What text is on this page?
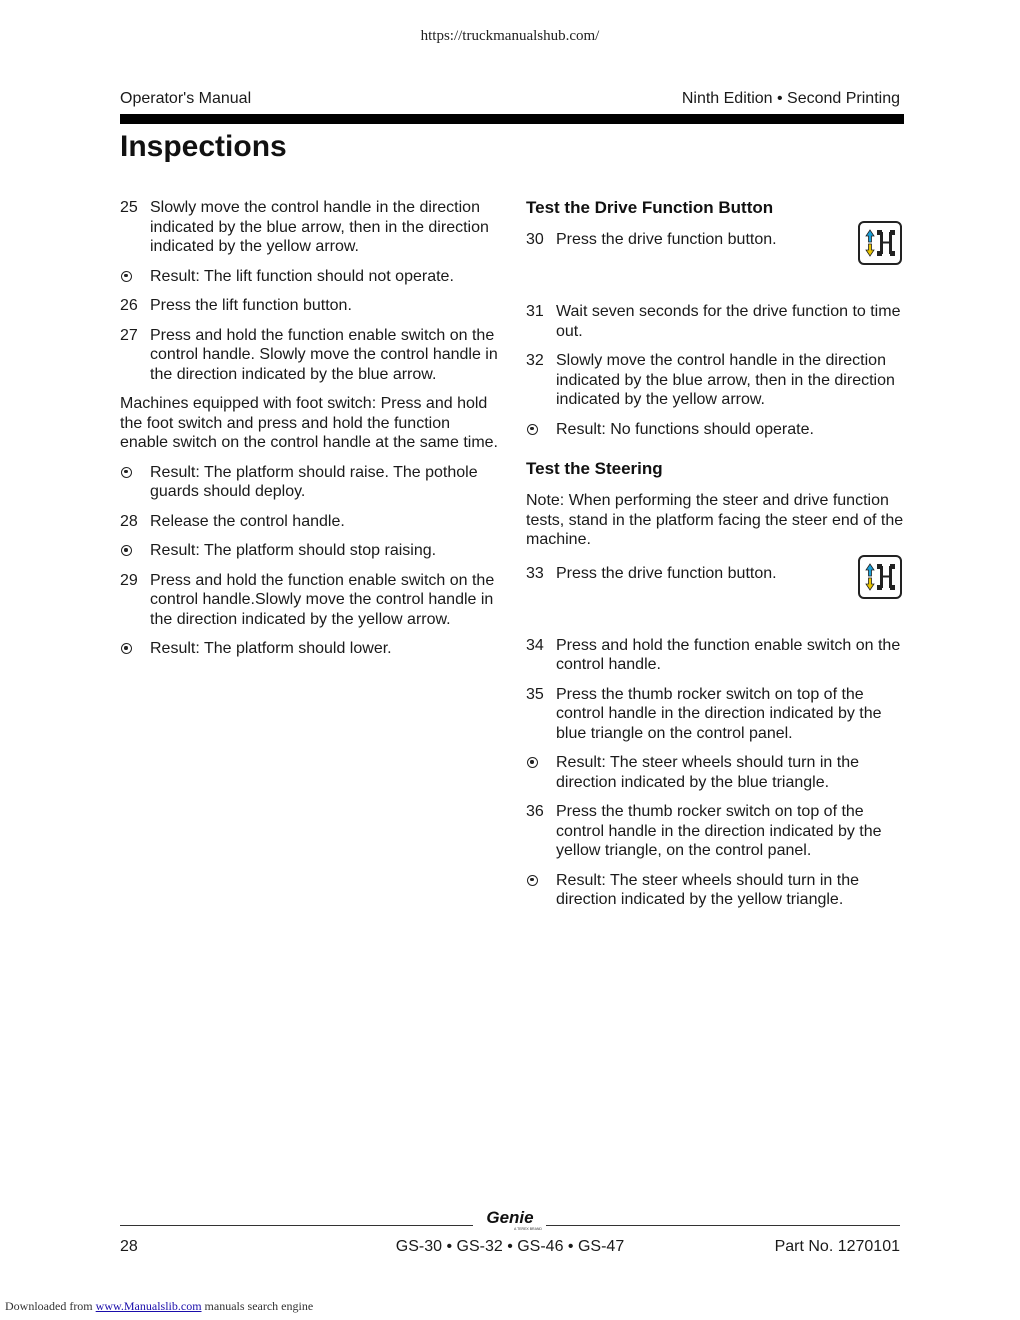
https://truckmanualshub.com/
Operator's Manual	Ninth Edition • Second Printing
Inspections
25 Slowly move the control handle in the direction indicated by the blue arrow, then in the direction indicated by the yellow arrow.
Result: The lift function should not operate.
26 Press the lift function button.
27 Press and hold the function enable switch on the control handle. Slowly move the control handle in the direction indicated by the blue arrow.

Machines equipped with foot switch: Press and hold the foot switch and press and hold the function enable switch on the control handle at the same time.

Result: The platform should raise. The pothole guards should deploy.
28 Release the control handle.
Result: The platform should stop raising.
29 Press and hold the function enable switch on the control handle.Slowly move the control handle in the direction indicated by the yellow arrow.
Result: The platform should lower.
Test the Drive Function Button
30 Press the drive function button.
31 Wait seven seconds for the drive function to time out.
32 Slowly move the control handle in the direction indicated by the blue arrow, then in the direction indicated by the yellow arrow.
Result: No functions should operate.
Test the Steering

Note: When performing the steer and drive function tests, stand in the platform facing the steer end of the machine.

33 Press the drive function button.
34 Press and hold the function enable switch on the control handle.
35 Press the thumb rocker switch on top of the control handle in the direction indicated by the blue triangle on the control panel.
Result: The steer wheels should turn in the direction indicated by the blue triangle.
36 Press the thumb rocker switch on top of the control handle in the direction indicated by the yellow triangle, on the control panel.
Result: The steer wheels should turn in the direction indicated by the yellow triangle.
Genie
A TEREX BRAND
28	GS-30 • GS-32 • GS-46 • GS-47	Part No. 1270101
Downloaded from www.Manualslib.com manuals search engine
